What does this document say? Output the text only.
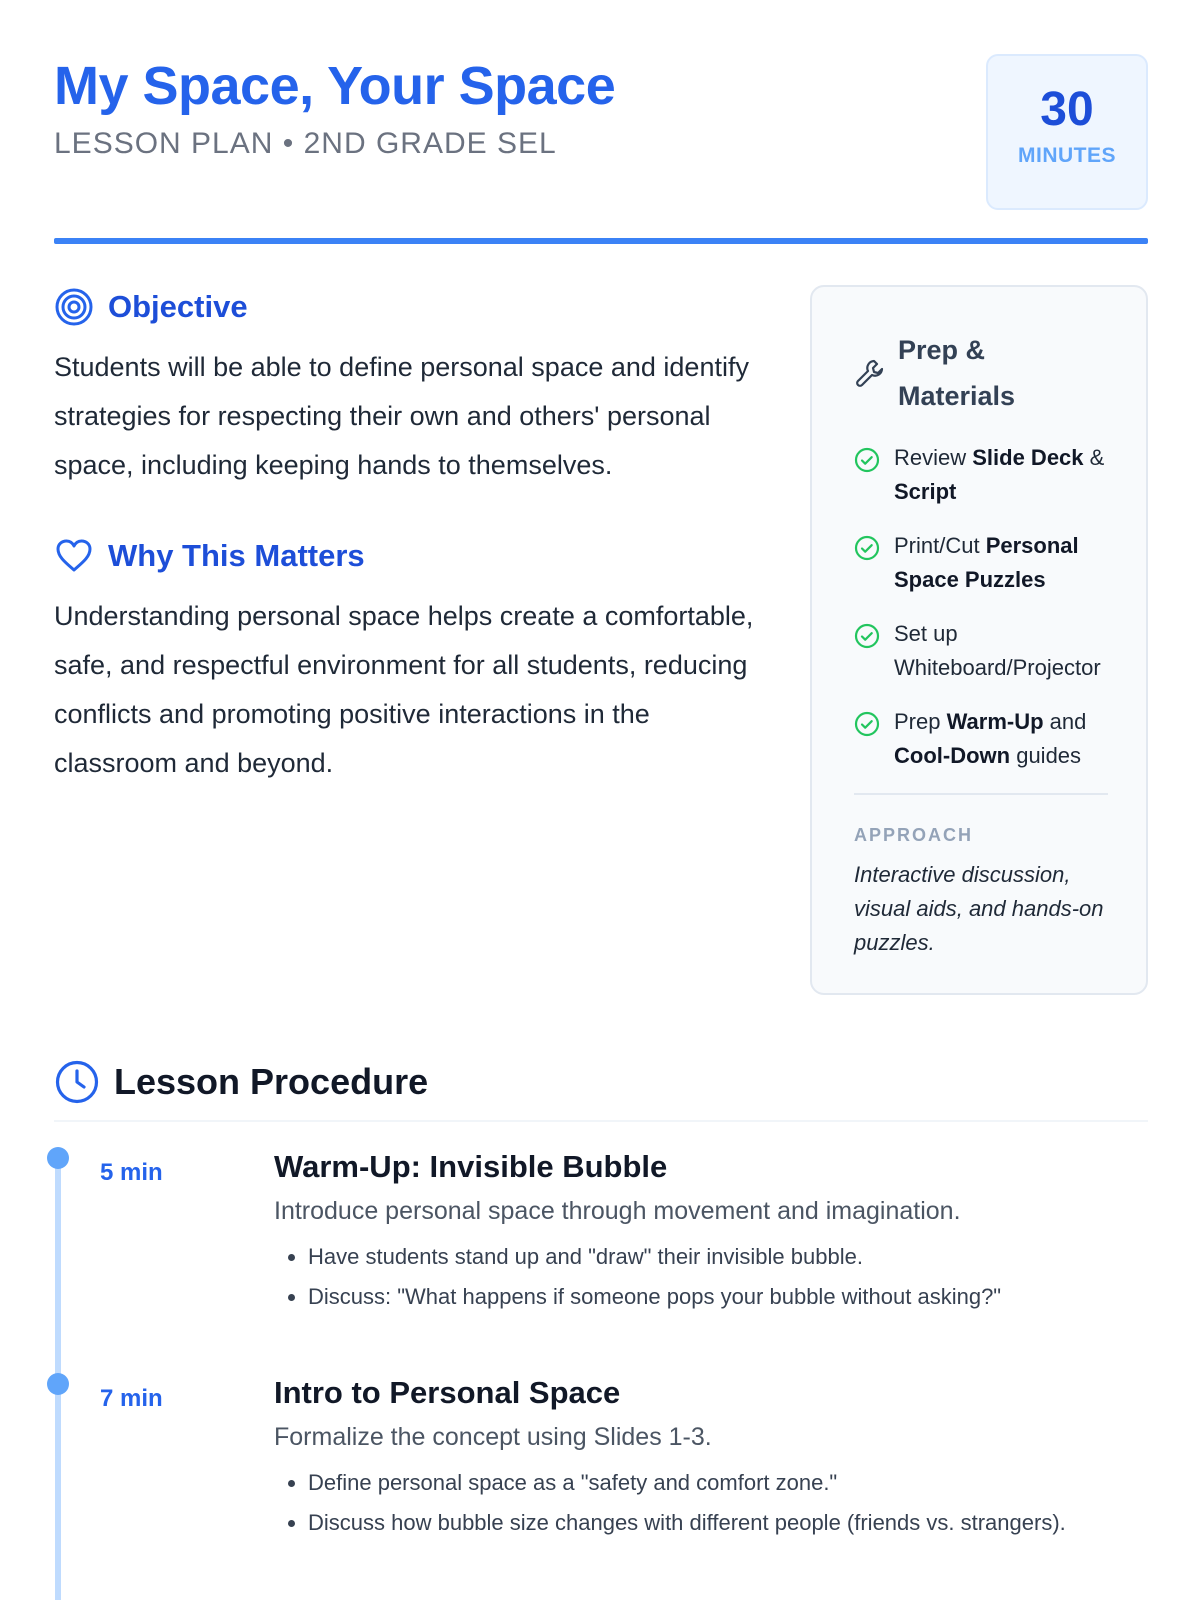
My Space, Your Space
LESSON PLAN • 2ND GRADE SEL
30
MINUTES
Objective

Students will be able to define personal space and identify strategies for respecting their own and others' personal space, including keeping hands to themselves.

Why This Matters

Understanding personal space helps create a comfortable, safe, and respectful environment for all students, reducing conflicts and promoting positive interactions in the classroom and beyond.

Prep &
Materials
Review Slide Deck & Script
Print/Cut Personal Space Puzzles
Set up Whiteboard/Projector
Prep Warm-Up and Cool-Down guides
APPROACH
Interactive discussion, visual aids, and hands-on puzzles.
Lesson Procedure
5 min	Warm-Up: Invisible Bubble
Introduce personal space through movement and imagination.
• Have students stand up and "draw" their invisible bubble.
• Discuss: "What happens if someone pops your bubble without asking?"
7 min	Intro to Personal Space
Formalize the concept using Slides 1-3.
• Define personal space as a "safety and comfort zone."
• Discuss how bubble size changes with different people (friends vs. strangers).
